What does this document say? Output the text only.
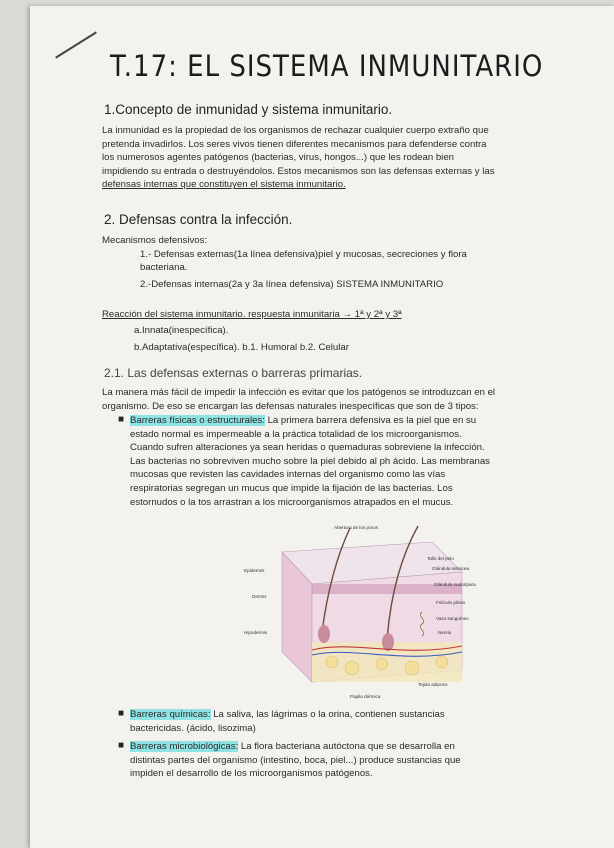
T.17: EL SISTEMA INMUNITARIO
1.Concepto de inmunidad y sistema inmunitario.
La inmunidad es la propiedad de los organismos de rechazar cualquier cuerpo extraño que
pretenda invadirlos. Los seres vivos tienen diferentes mecanismos para defenderse contra
los numerosos agentes patógenos (bacterias, virus, hongos...) que les rodean bien
impidiendo su entrada o destruyéndolos. Estos mecanismos son las defensas externas y las
defensas internas que constituyen el sistema inmunitario.
2. Defensas contra la infección.
Mecanismos defensivos:
1.- Defensas externas(1a línea defensiva)piel y mucosas, secreciones y flora
bacteriana.
2.-Defensas internas(2a y 3a línea defensiva) SISTEMA INMUNITARIO
Reacción del sistema inmunitario. respuesta inmunitaria → 1ª y 2ª y 3ª
a.Innata(inespecífica).
b.Adaptativa(específica). b.1. Humoral b.2. Celular
2.1. Las defensas externas o barreras primarias.
La manera más fácil de impedir la infección es evitar que los patógenos se introduzcan en el
organismo. De eso se encargan las defensas naturales inespecíficas que son de 3 tipos:
■ Barreras físicas o estructurales: La primera barrera defensiva es la piel que en su
estado normal es impermeable a la práctica totalidad de los microorganismos.
Cuando sufren alteraciones ya sean heridas o quemaduras sobreviene la infección.
Las bacterias no sobreviven mucho sobre la piel debido al ph ácido. Las membranas
mucosas que revisten las cavidades internas del organismo como las vías
respiratorias segregan un mucus que impide la fijación de las bacterias. Los
estornudos o la tos arrastran a los microorganismos atrapados en el mucus.
Abertura de los poros
Epidermis
Dermis
Hipodermis
Tallo del pelo
Glándula sebácea
Glándula sudorípara
Folículo piloso
Vaso sanguíneo
Nervio
Tejido adiposo
Papila dérmica
■ Barreras químicas: La saliva, las lágrimas o la orina, contienen sustancias
bactericidas. (ácido, lisozima)
■ Barreras microbiológicas: La flora bacteriana autóctona que se desarrolla en
distintas partes del organismo (intestino, boca, piel...) produce sustancias que
impiden el desarrollo de los microorganismos patógenos.
